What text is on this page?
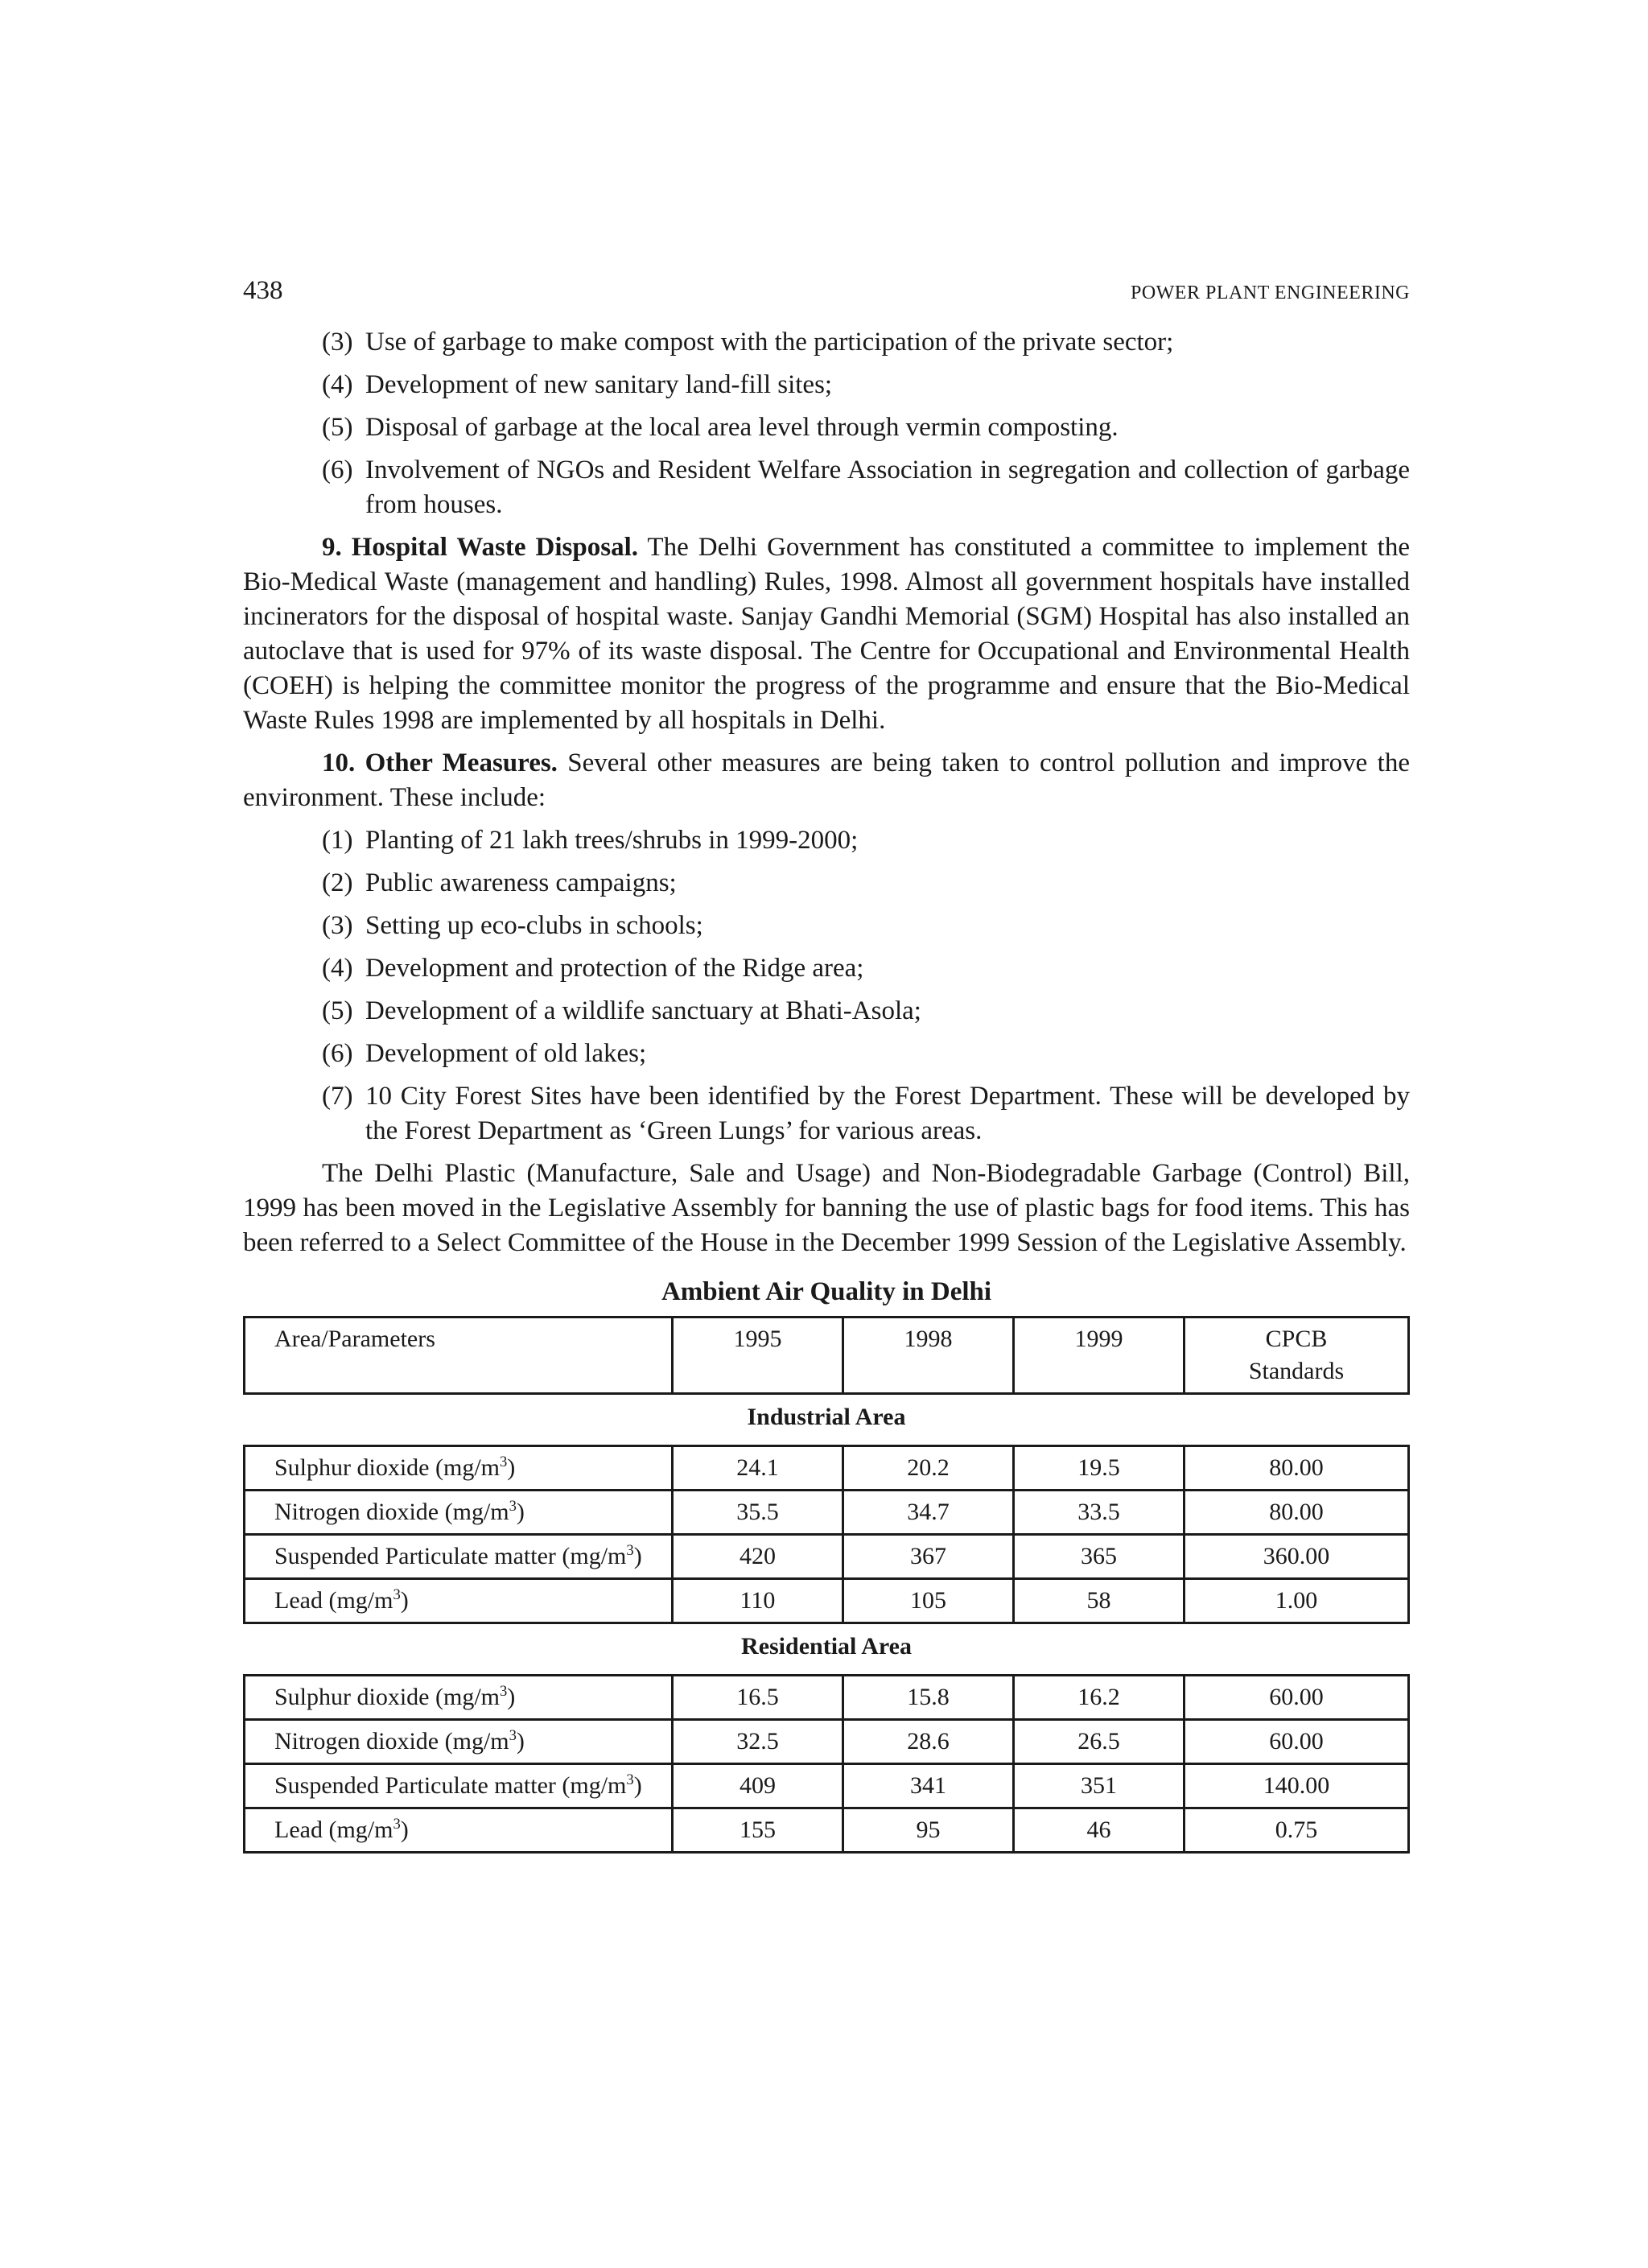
438	POWER PLANT ENGINEERING
(3) Use of garbage to make compost with the participation of the private sector;
(4) Development of new sanitary land-fill sites;
(5) Disposal of garbage at the local area level through vermin composting.
(6) Involvement of NGOs and Resident Welfare Association in segregation and collection of garbage from houses.

9. Hospital Waste Disposal. The Delhi Government has constituted a committee to implement the Bio-Medical Waste (management and handling) Rules, 1998. Almost all government hospitals have installed incinerators for the disposal of hospital waste. Sanjay Gandhi Memorial (SGM) Hospital has also installed an autoclave that is used for 97% of its waste disposal. The Centre for Occupational and Environmental Health (COEH) is helping the committee monitor the progress of the programme and ensure that the Bio-Medical Waste Rules 1998 are implemented by all hospitals in Delhi.

10. Other Measures. Several other measures are being taken to control pollution and improve the environment. These include:

(1) Planting of 21 lakh trees/shrubs in 1999-2000;
(2) Public awareness campaigns;
(3) Setting up eco-clubs in schools;
(4) Development and protection of the Ridge area;
(5) Development of a wildlife sanctuary at Bhati-Asola;
(6) Development of old lakes;
(7) 10 City Forest Sites have been identified by the Forest Department. These will be developed by the Forest Department as ‘Green Lungs’ for various areas.

The Delhi Plastic (Manufacture, Sale and Usage) and Non-Biodegradable Garbage (Control) Bill, 1999 has been moved in the Legislative Assembly for banning the use of plastic bags for food items. This has been referred to a Select Committee of the House in the December 1999 Session of the Legislative Assembly.

Ambient Air Quality in Delhi
Area/Parameters	1995	1998	1999	CPCB
Standards
Industrial Area
Sulphur dioxide $(mg/m^3)$	24.1	20.2	19.5	80.00
Nitrogen dioxide $(mg/m^3)$	35.5	34.7	33.5	80.00
Suspended Particulate matter $(mg/m^3)$	420	367	365	360.00
Lead $(mg/m^3)$	110	105	58	1.00
Residential Area
Sulphur dioxide $(mg/m^3)$	16.5	15.8	16.2	60.00
Nitrogen dioxide $(mg/m^3)$	32.5	28.6	26.5	60.00
Suspended Particulate matter $(mg/m^3)$	409	341	351	140.00
Lead $(mg/m^3)$	155	95	46	0.75
